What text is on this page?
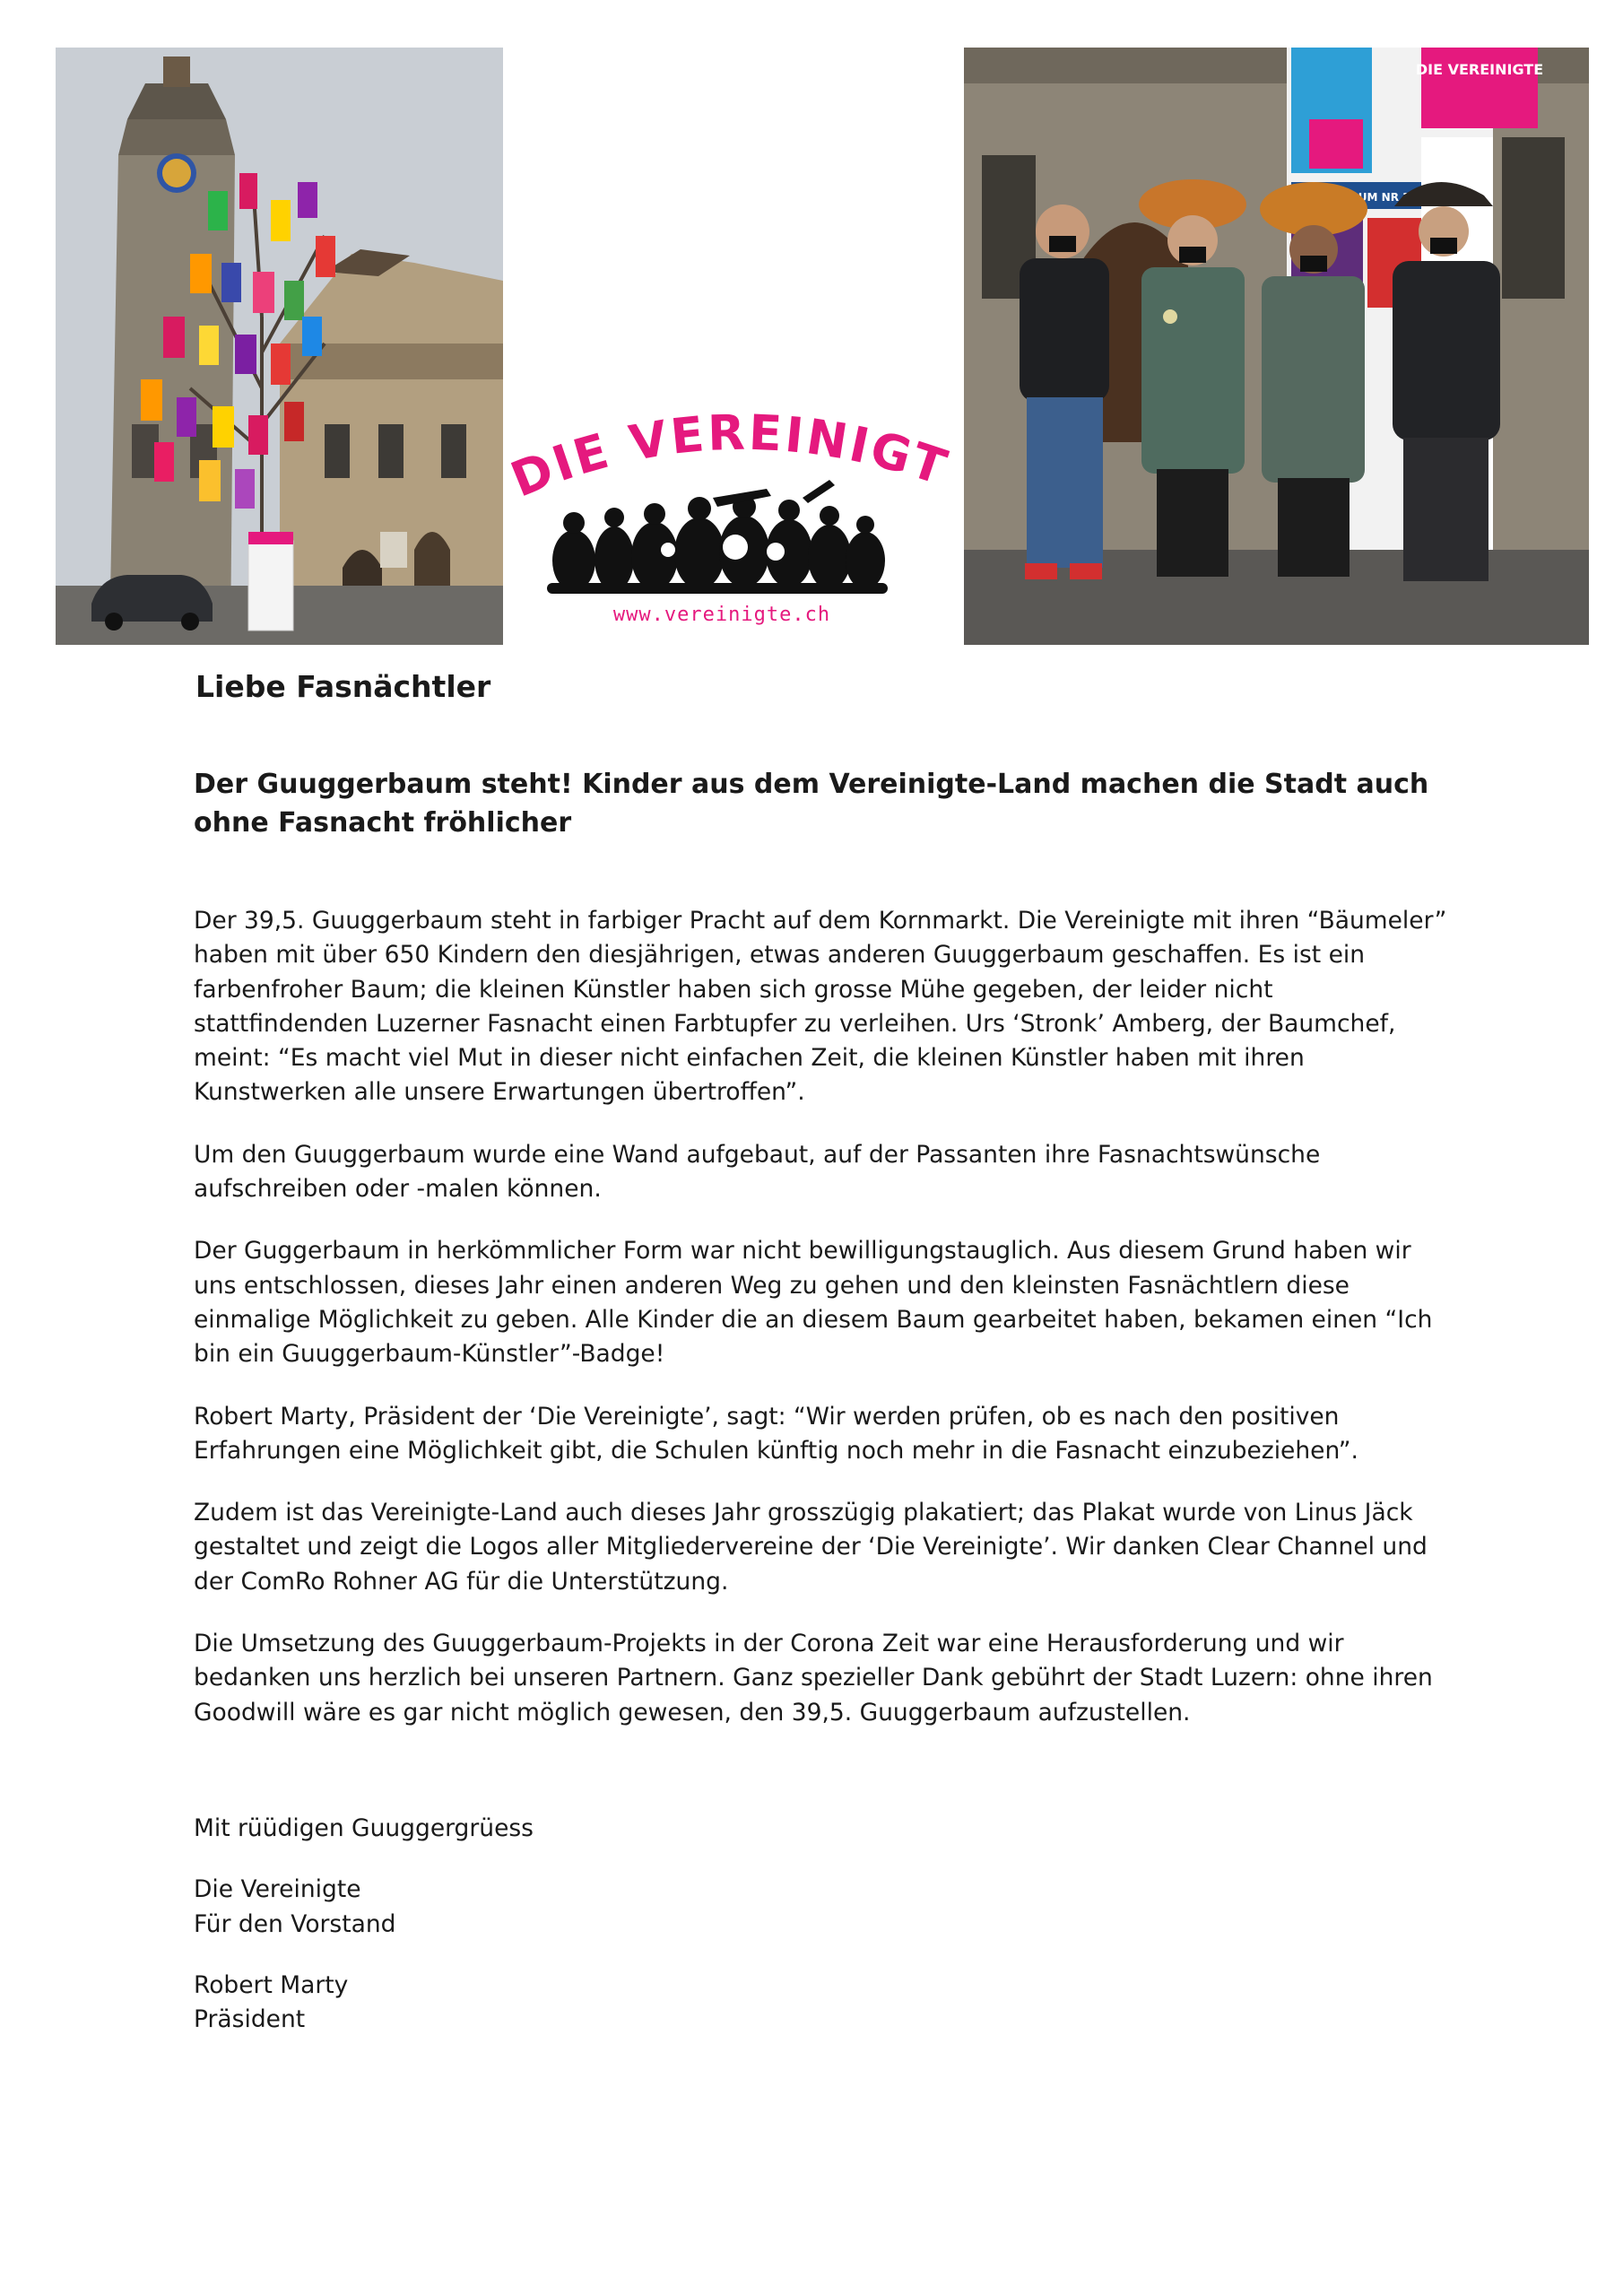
DIE VEREINIGT
www.vereinigte.ch
DIE VEREINIGTE
NR
Liebe Fasnächtler
Der Guuggerbaum steht! Kinder aus dem Vereinigte-Land machen die Stadt auch ohne Fasnacht fröhlicher

Der 39,5. Guuggerbaum steht in farbiger Pracht auf dem Kornmarkt. Die Vereinigte mit ihren “Bäumeler” haben mit über 650 Kindern den diesjährigen, etwas anderen Guuggerbaum geschaffen. Es ist ein farbenfroher Baum; die kleinen Künstler haben sich grosse Mühe gegeben, der leider nicht stattfindenden Luzerner Fasnacht einen Farbtupfer zu verleihen. Urs ‘Stronk’ Amberg, der Baumchef, meint: “Es macht viel Mut in dieser nicht einfachen Zeit, die kleinen Künstler haben mit ihren Kunstwerken alle unsere Erwartungen übertroffen”.

Um den Guuggerbaum wurde eine Wand aufgebaut, auf der Passanten ihre Fasnachtswünsche aufschreiben oder -malen können.

Der Guggerbaum in herkömmlicher Form war nicht bewilligungstauglich. Aus diesem Grund haben wir uns entschlossen, dieses Jahr einen anderen Weg zu gehen und den kleinsten Fasnächtlern diese einmalige Möglichkeit zu geben. Alle Kinder die an diesem Baum gearbeitet haben, bekamen einen “Ich bin ein Guuggerbaum-Künstler”-Badge!

Robert Marty, Präsident der ‘Die Vereinigte’, sagt: “Wir werden prüfen, ob es nach den positiven Erfahrungen eine Möglichkeit gibt, die Schulen künftig noch mehr in die Fasnacht einzubeziehen”.

Zudem ist das Vereinigte-Land auch dieses Jahr grosszügig plakatiert; das Plakat wurde von Linus Jäck gestaltet und zeigt die Logos aller Mitgliedervereine der ‘Die Vereinigte’. Wir danken Clear Channel und der ComRo Rohner AG für die Unterstützung.

Die Umsetzung des Guuggerbaum-Projekts in der Corona Zeit war eine Herausforderung und wir bedanken uns herzlich bei unseren Partnern. Ganz spezieller Dank gebührt der Stadt Luzern: ohne ihren Goodwill wäre es gar nicht möglich gewesen, den 39,5. Guuggerbaum aufzustellen.

Mit rüüdigen Guuggergrüess

Die Vereinigte
Für den Vorstand

Robert Marty
Präsident
